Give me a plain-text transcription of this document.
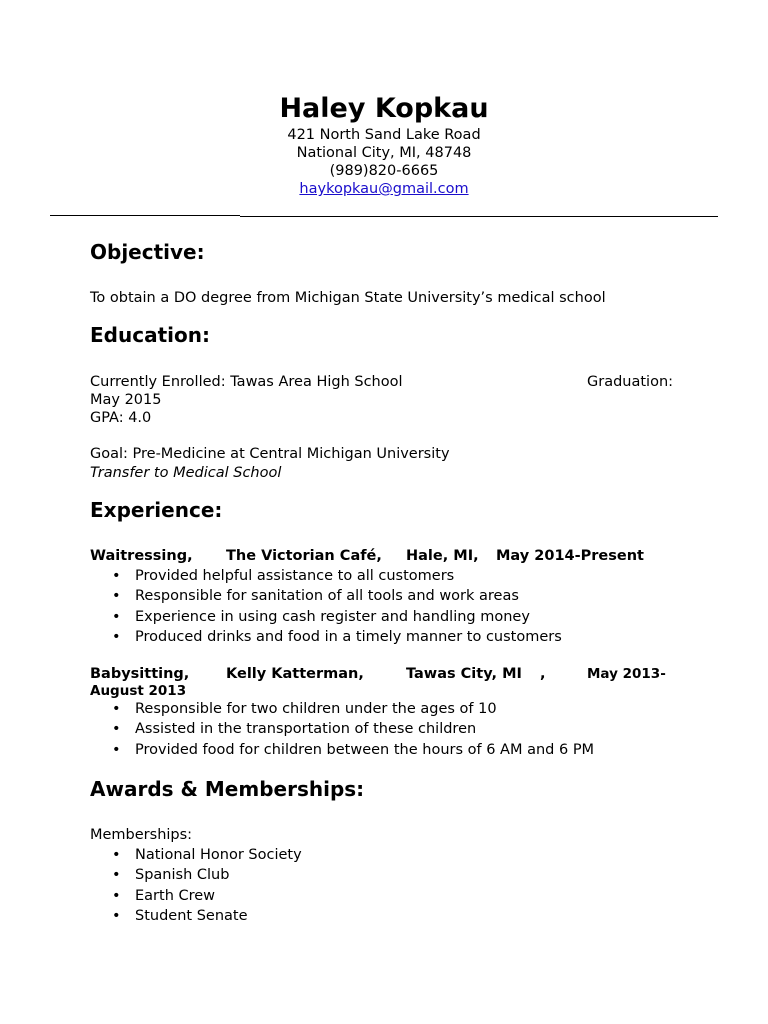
Haley Kopkau

421 North Sand Lake Road

National City, MI, 48748

(989)820-6665

haykopkau@gmail.com

Objective:

To obtain a DO degree from Michigan State University’s medical school

Education:

Currently Enrolled: Tawas Area High School	Graduation:

May 2015

GPA: 4.0

Goal: Pre-Medicine at Central Michigan University

Transfer to Medical School

Experience:
Waitressing, The Victorian Café, Hale, MI, May 2014-Present
• Provided helpful assistance to all customers
• Responsible for sanitation of all tools and work areas
• Experience in using cash register and handling money
• Produced drinks and food in a timely manner to customers
Babysitting,	Kelly Katterman,	Tawas City, MI ,	May 2013-
August 2013
• Responsible for two children under the ages of 10
• Assisted in the transportation of these children
• Provided food for children between the hours of 6 AM and 6 PM
Awards & Memberships:

Memberships:

• National Honor Society
• Spanish Club
• Earth Crew
• Student Senate
